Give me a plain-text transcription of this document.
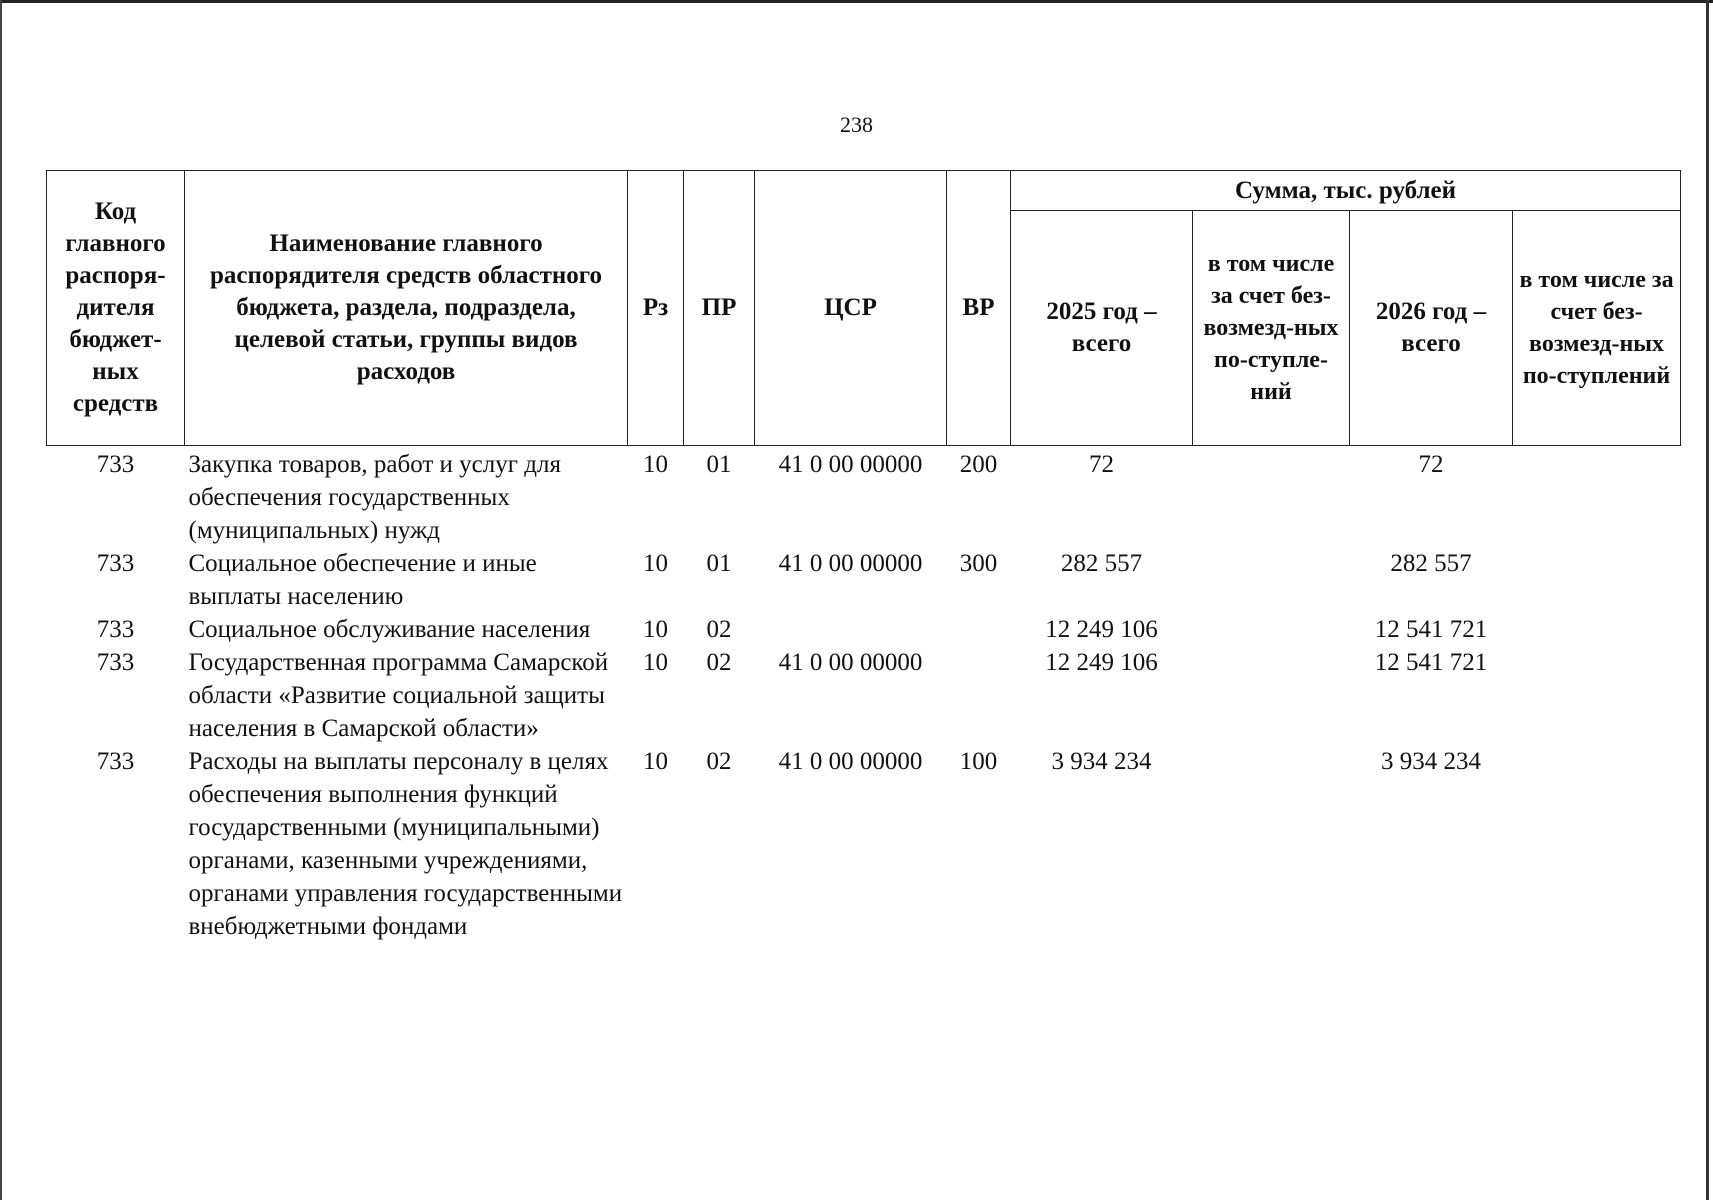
238
Код главного распоря-дителя бюджет-ных средств	Наименование главного распорядителя средств областного бюджета, раздела, подраздела, целевой статьи, группы видов расходов	Рз	ПР	ЦСР	ВР	Сумма, тыс. рублей			
						2025 год – всего	в том числе за счет без-возмезд-ных по-ступле-ний	2026 год – всего	в том числе за счет без-возмезд-ных по-ступлений
733	Закупка товаров, работ и услуг для обеспечения государственных (муниципальных) нужд	10	01	41 0 00 00000	200	72		72	
733	Социальное обеспечение и иные выплаты населению	10	01	41 0 00 00000	300	282 557		282 557	
733	Социальное обслуживание населения	10	02			12 249 106		12 541 721	
733	Государственная программа Самарской области «Развитие социальной защиты населения в Самарской области»	10	02	41 0 00 00000		12 249 106		12 541 721	
733	Расходы на выплаты персоналу в целях обеспечения выполнения функций государственными (муниципальными) органами, казенными учреждениями, органами управления государственными внебюджетными фондами	10	02	41 0 00 00000	100	3 934 234		3 934 234	
